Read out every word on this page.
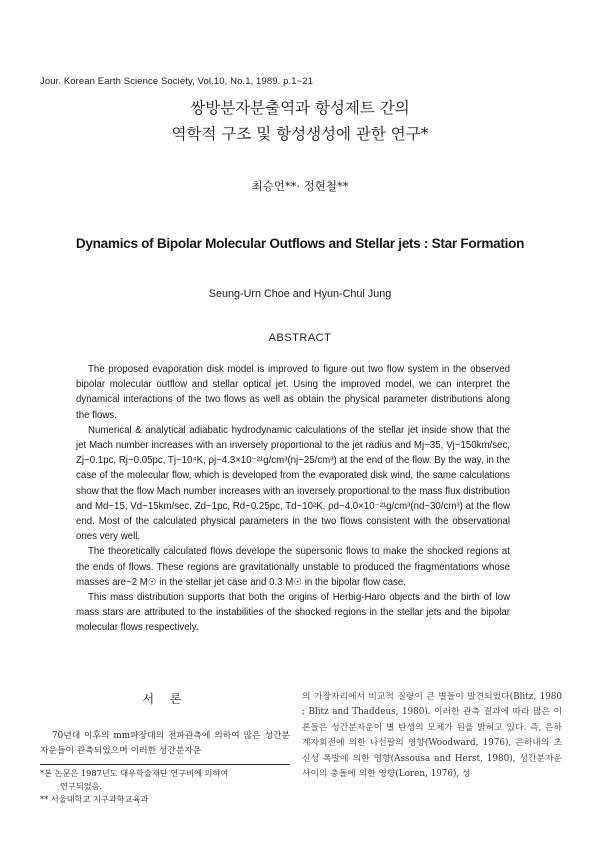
Jour. Korean Earth Science Society, Vol.10, No.1, 1989. p.1~21
쌍방분자분출역과 항성제트 간의
역학적 구조 및 항성생성에 관한 연구*
최승언**· 정현철**
Dynamics of Bipolar Molecular Outflows and Stellar jets : Star Formation
Seung-Urn Choe and Hyun-Chul Jung
ABSTRACT

The proposed evaporation disk model is improved to figure out two flow system in the observed bipolar molecular outflow and stellar optical jet. Using the improved model, we can interpret the dynamical interactions of the two flows as well as obtain the physical parameter distributions along the flows.

Numerical & analytical adiabatic hydrodynamic calculations of the stellar jet inside show that the jet Mach number increases with an inversely proportional to the jet radius and Mj~35, Vj~150km/sec, Zj~0.1pc, Rj~0.05pc, Tj~10⁴K, ρj~4.3×10⁻²¹g/cm³(nj~25/cm³) at the end of the flow. By the way, in the case of the molecular flow, which is developed from the evaporated disk wind, the same calculations show that the flow Mach number increases with an inversely proportional to the mass flux distribution and Md~15, Vd~15km/sec, Zd~1pc, Rd~0.25pc, Td~10²K, ρd~4.0×10⁻²¹g/cm³(nd~30/cm³) at the flow end. Most of the calculated physical parameters in the two flows consistent with the observational ones very well.

The theoretically calculated flows develope the supersonic flows to make the shocked regions at the ends of flows. These regions are gravitationally unstable to produced the fragmentations whose masses are~2 M☉ in the stellar jet case and 0.3 M☉ in the bipolar flow case.

This mass distribution supports that both the origins of Herbig-Haro objects and the birth of low mass stars are attributed to the instabilities of the shocked regions in the stellar jets and the bipolar molecular flows respectively.

서 론

70년대 이후의 mm파장대의 전파관측에 의하여 많은 성간분자운들이 관측되었으며 이러한 성간분자운

*본 논문은 1987년도 대우학술재단 연구비에 의하여
연구되었음.
** 서울대학교 지구과학교육과

의 가장자리에서 비교적 질량이 큰 별들이 발견되었다(Blitz, 1980 ; Blitz and Thaddeus, 1980). 이러한 관측 결과에 따라 많은 이론들은 성간분자운이 별 탄생의 모체가 된을 밝혀고 있다. 즉, 은하계자회전에 의한 나선팔의 영향(Woodward, 1976), 은하내의 초신성 폭발에 의한 영향(Assousa and Herst, 1980), 성간분자운 사이의 충돌에 의한 영향(Loren, 1976), 성
